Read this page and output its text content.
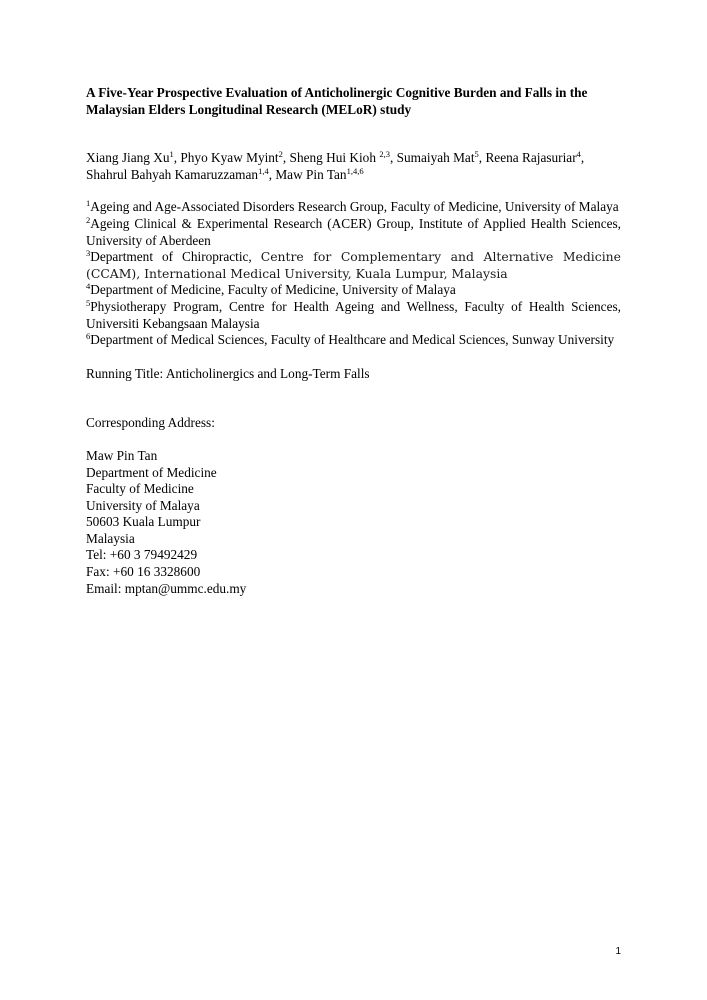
A Five-Year Prospective Evaluation of Anticholinergic Cognitive Burden and Falls in the Malaysian Elders Longitudinal Research (MELoR) study

Xiang Jiang Xu$^1$, Phyo Kyaw Myint$^2$, Sheng Hui Kioh $^{2,3}$, Sumaiyah Mat$^5$, Reena Rajasuriar$^4$,
Shahrul Bahyah Kamaruzzaman$^{1,4}$, Maw Pin Tan$^{1,4,6}$
$^1$Ageing and Age-Associated Disorders Research Group, Faculty of Medicine, University of Malaya
$^2$Ageing Clinical & Experimental Research (ACER) Group, Institute of Applied Health Sciences, University of Aberdeen
$^3$Department of Chiropractic, Centre for Complementary and Alternative Medicine (CCAM), International Medical University, Kuala Lumpur, Malaysia
$^4$Department of Medicine, Faculty of Medicine, University of Malaya
$^5$Physiotherapy Program, Centre for Health Ageing and Wellness, Faculty of Health Sciences, Universiti Kebangsaan Malaysia
$^6$Department of Medical Sciences, Faculty of Healthcare and Medical Sciences, Sunway University
Running Title: Anticholinergics and Long-Term Falls
Corresponding Address:
Maw Pin Tan
Department of Medicine
Faculty of Medicine
University of Malaya
50603 Kuala Lumpur
Malaysia
Tel: +60 3 79492429
Fax: +60 16 3328600
Email: mptan@ummc.edu.my
1
